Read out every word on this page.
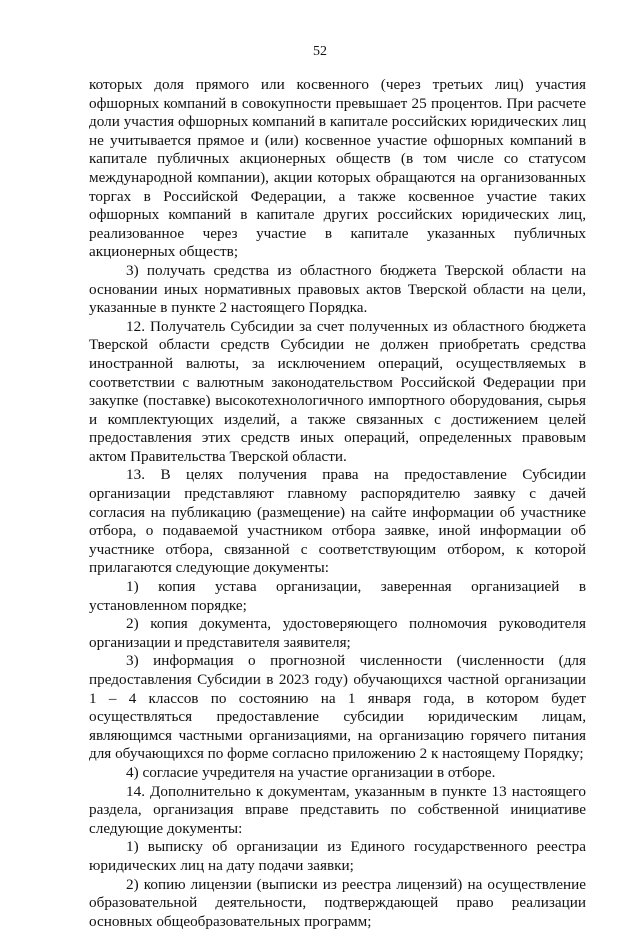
52

которых доля прямого или косвенного (через третьих лиц) участия офшорных компаний в совокупности превышает 25 процентов. При расчете доли участия офшорных компаний в капитале российских юридических лиц не учитывается прямое и (или) косвенное участие офшорных компаний в капитале публичных акционерных обществ (в том числе со статусом международной компании), акции которых обращаются на организованных торгах в Российской Федерации, а также косвенное участие таких офшорных компаний в капитале других российских юридических лиц, реализованное через участие в капитале указанных публичных акционерных обществ;

3) получать средства из областного бюджета Тверской области на основании иных нормативных правовых актов Тверской области на цели, указанные в пункте 2 настоящего Порядка.

12. Получатель Субсидии за счет полученных из областного бюджета Тверской области средств Субсидии не должен приобретать средства иностранной валюты, за исключением операций, осуществляемых в соответствии с валютным законодательством Российской Федерации при закупке (поставке) высокотехнологичного импортного оборудования, сырья и комплектующих изделий, а также связанных с достижением целей предоставления этих средств иных операций, определенных правовым актом Правительства Тверской области.

13. В целях получения права на предоставление Субсидии организации представляют главному распорядителю заявку с дачей согласия на публикацию (размещение) на сайте информации об участнике отбора, о подаваемой участником отбора заявке, иной информации об участнике отбора, связанной с соответствующим отбором, к которой прилагаются следующие документы:

1) копия устава организации, заверенная организацией в установленном порядке;

2) копия документа, удостоверяющего полномочия руководителя организации и представителя заявителя;

3) информация о прогнозной численности (численности (для предоставления Субсидии в 2023 году) обучающихся частной организации 1 – 4 классов по состоянию на 1 января года, в котором будет осуществляться предоставление субсидии юридическим лицам, являющимся частными организациями, на организацию горячего питания для обучающихся по форме согласно приложению 2 к настоящему Порядку;

4) согласие учредителя на участие организации в отборе.

14. Дополнительно к документам, указанным в пункте 13 настоящего раздела, организация вправе представить по собственной инициативе следующие документы:

1) выписку об организации из Единого государственного реестра юридических лиц на дату подачи заявки;

2) копию лицензии (выписки из реестра лицензий) на осуществление образовательной деятельности, подтверждающей право реализации основных общеобразовательных программ;
